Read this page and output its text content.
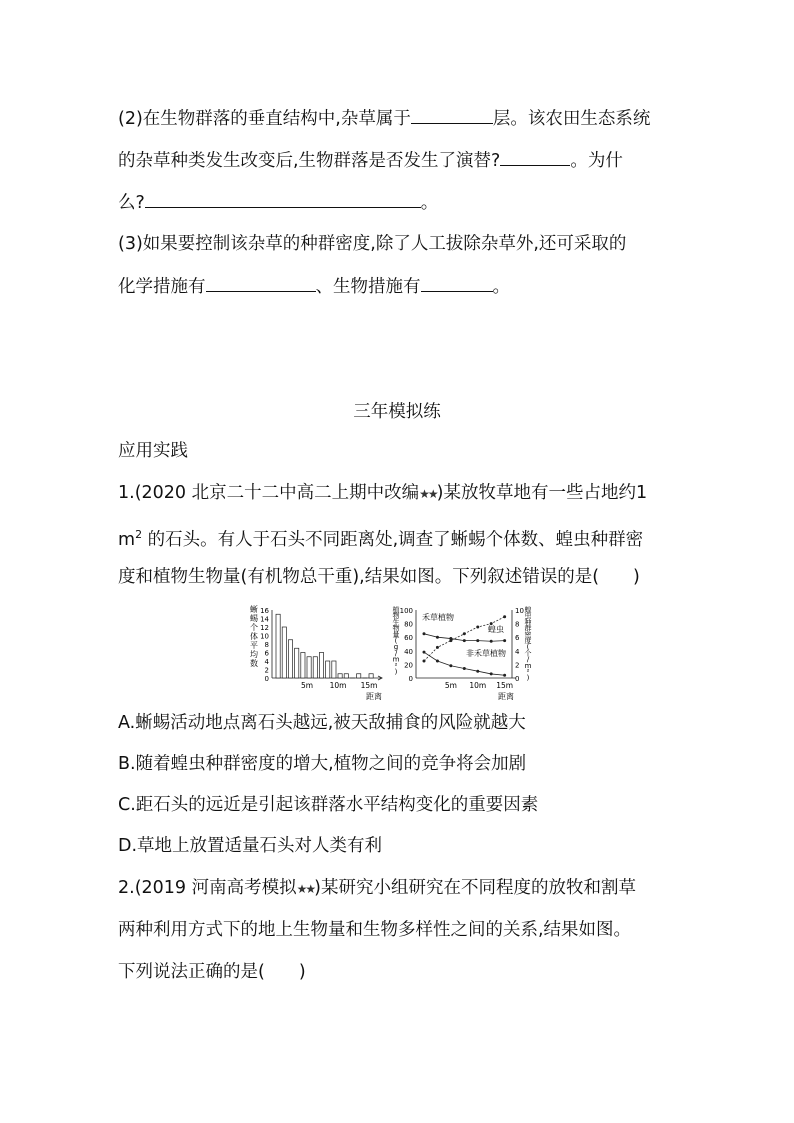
(2)在生物群落的垂直结构中,杂草属于	层。该农田生态系统
的杂草种类发生改变后,生物群落是否发生了演替?	。为什
么?	。
(3)如果要控制该杂草的种群密度,除了人工拔除杂草外,还可采取的
化学措施有	、生物措施有	。
三年模拟练
应用实践
1.(2020 北京二十二中高二上期中改编★★)某放牧草地有一些占地约1
$m^2$ 的石头。有人于石头不同距离处,调查了蜥蜴个体数、蝗虫种群密
度和植物生物量(有机物总干重),结果如图。下列叙述错误的是( )
0
2
4
6
8
10
12
14
16
5m 10m 15m
距离
蜥蜴个体平均数
0
20
40
60
80
100
0
2
4
6
8
10
5m 10m 15m
距离
禾草植物
蝗虫
非禾草植物
植物生物量( g / m ² )
蝗虫种群密度(个/ m ² )
A.蜥蜴活动地点离石头越远,被天敌捕食的风险就越大
B.随着蝗虫种群密度的增大,植物之间的竞争将会加剧
C.距石头的远近是引起该群落水平结构变化的重要因素
D.草地上放置适量石头对人类有利
2.(2019 河南高考模拟★★)某研究小组研究在不同程度的放牧和割草
两种利用方式下的地上生物量和生物多样性之间的关系,结果如图。
下列说法正确的是( )
